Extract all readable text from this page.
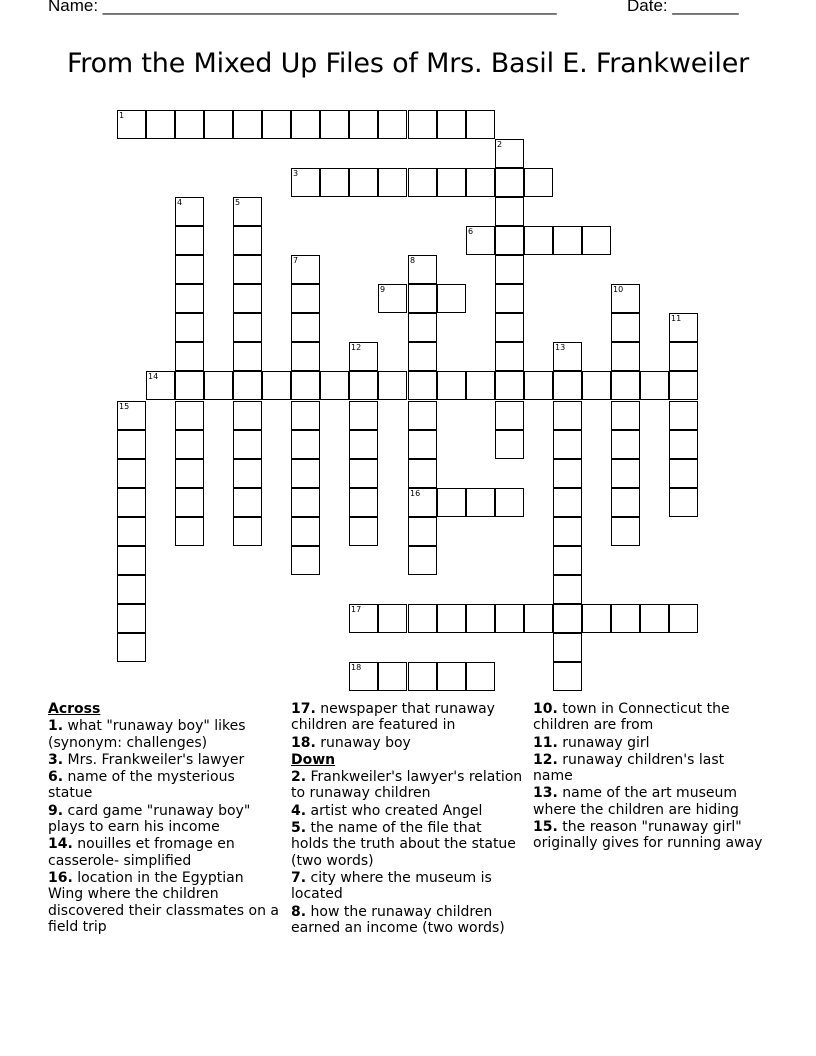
Name: ________________________________________________	Date: _______
From the Mixed Up Files of Mrs. Basil E. Frankweiler
1
2
3
4	5
6
7	8
16
9	10
11
12	13
14
15
17
18
Across
1. what "runaway boy" likes (synonym: challenges)
3. Mrs. Frankweiler's lawyer
6. name of the mysterious statue
9. card game "runaway boy" plays to earn his income
14. nouilles et fromage en casserole- simplified
16. location in the Egyptian Wing where the children discovered their classmates on a field trip
17. newspaper that runaway children are featured in
18. runaway boy
Down
2. Frankweiler's lawyer's relation to runaway children
4. artist who created Angel
5. the name of the file that holds the truth about the statue (two words)
7. city where the museum is located
8. how the runaway children earned an income (two words)
10. town in Connecticut the children are from
11. runaway girl
12. runaway children's last name
13. name of the art museum where the children are hiding
15. the reason "runaway girl" originally gives for running away
